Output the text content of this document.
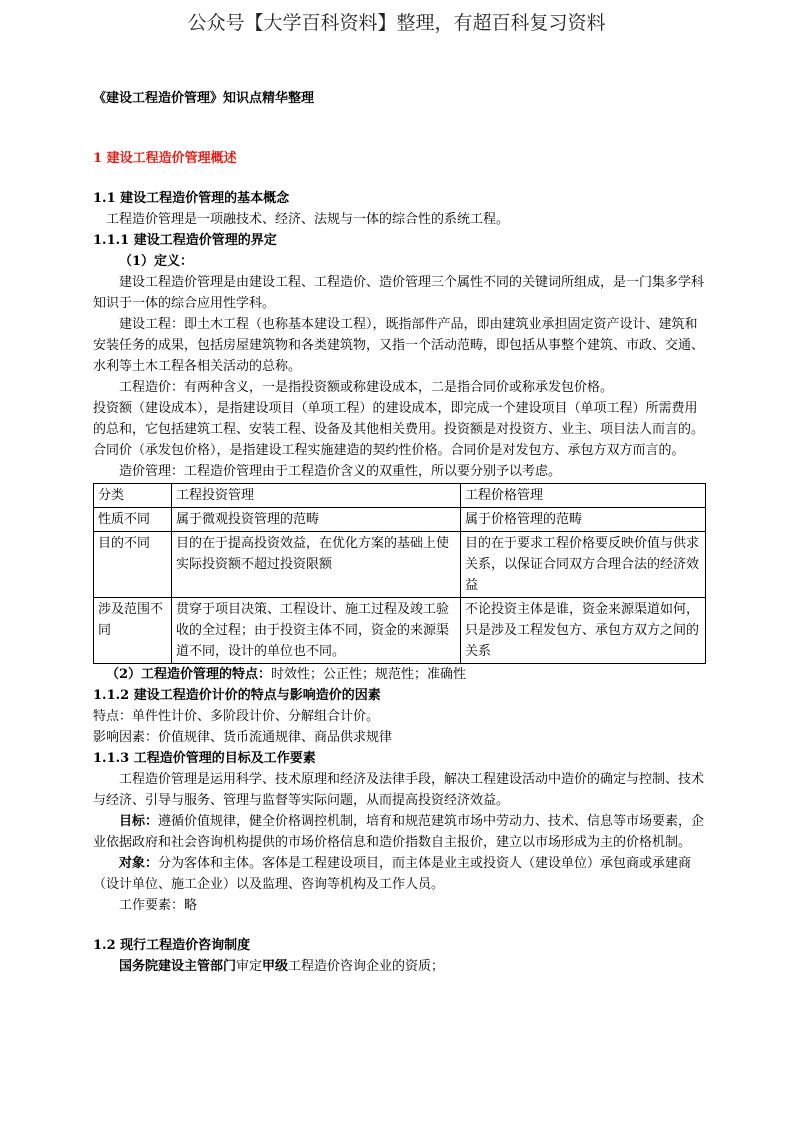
公众号【大学百科资料】整理，有超百科复习资料
《建设工程造价管理》知识点精华整理
1 建设工程造价管理概述
1.1 建设工程造价管理的基本概念
工程造价管理是一项融技术、经济、法规与一体的综合性的系统工程。
1.1.1 建设工程造价管理的界定
（1）定义：
建设工程造价管理是由建设工程、工程造价、造价管理三个属性不同的关键词所组成，是一门集多学科知识于一体的综合应用性学科。
建设工程：即土木工程（也称基本建设工程），既指部件产品，即由建筑业承担固定资产设计、建筑和安装任务的成果，包括房屋建筑物和各类建筑物，又指一个活动范畴，即包括从事整个建筑、市政、交通、水利等土木工程各相关活动的总称。
工程造价：有两种含义，一是指投资额或称建设成本，二是指合同价或称承发包价格。
投资额（建设成本），是指建设项目（单项工程）的建设成本，即完成一个建设项目（单项工程）所需费用的总和，它包括建筑工程、安装工程、设备及其他相关费用。投资额是对投资方、业主、项目法人而言的。　合同价（承发包价格），是指建设工程实施建造的契约性价格。合同价是对发包方、承包方双方而言的。
造价管理：工程造价管理由于工程造价含义的双重性，所以要分别予以考虑。
分类	工程投资管理	工程价格管理
性质不同	属于微观投资管理的范畴	属于价格管理的范畴
目的不同	目的在于提高投资效益，在优化方案的基础上使实际投资额不超过投资限额	目的在于要求工程价格要反映价值与供求关系，以保证合同双方合理合法的经济效益
涉及范围不同	贯穿于项目决策、工程设计、施工过程及竣工验收的全过程；由于投资主体不同，资金的来源渠道不同，设计的单位也不同。	不论投资主体是谁，资金来源渠道如何，只是涉及工程发包方、承包方双方之间的关系
（2）工程造价管理的特点：时效性；公正性；规范性；准确性
1.1.2 建设工程造价计价的特点与影响造价的因素
特点：单件性计价、多阶段计价、分解组合计价。
影响因素：价值规律、货币流通规律、商品供求规律
1.1.3 工程造价管理的目标及工作要素
工程造价管理是运用科学、技术原理和经济及法律手段，解决工程建设活动中造价的确定与控制、技术与经济、引导与服务、管理与监督等实际问题，从而提高投资经济效益。
目标：遵循价值规律，健全价格调控机制，培育和规范建筑市场中劳动力、技术、信息等市场要素，企业依据政府和社会咨询机构提供的市场价格信息和造价指数自主报价，建立以市场形成为主的价格机制。
对象：分为客体和主体。客体是工程建设项目，而主体是业主或投资人（建设单位）承包商或承建商（设计单位、施工企业）以及监理、咨询等机构及工作人员。
工作要素：略
1.2 现行工程造价咨询制度
国务院建设主管部门审定甲级工程造价咨询企业的资质；
